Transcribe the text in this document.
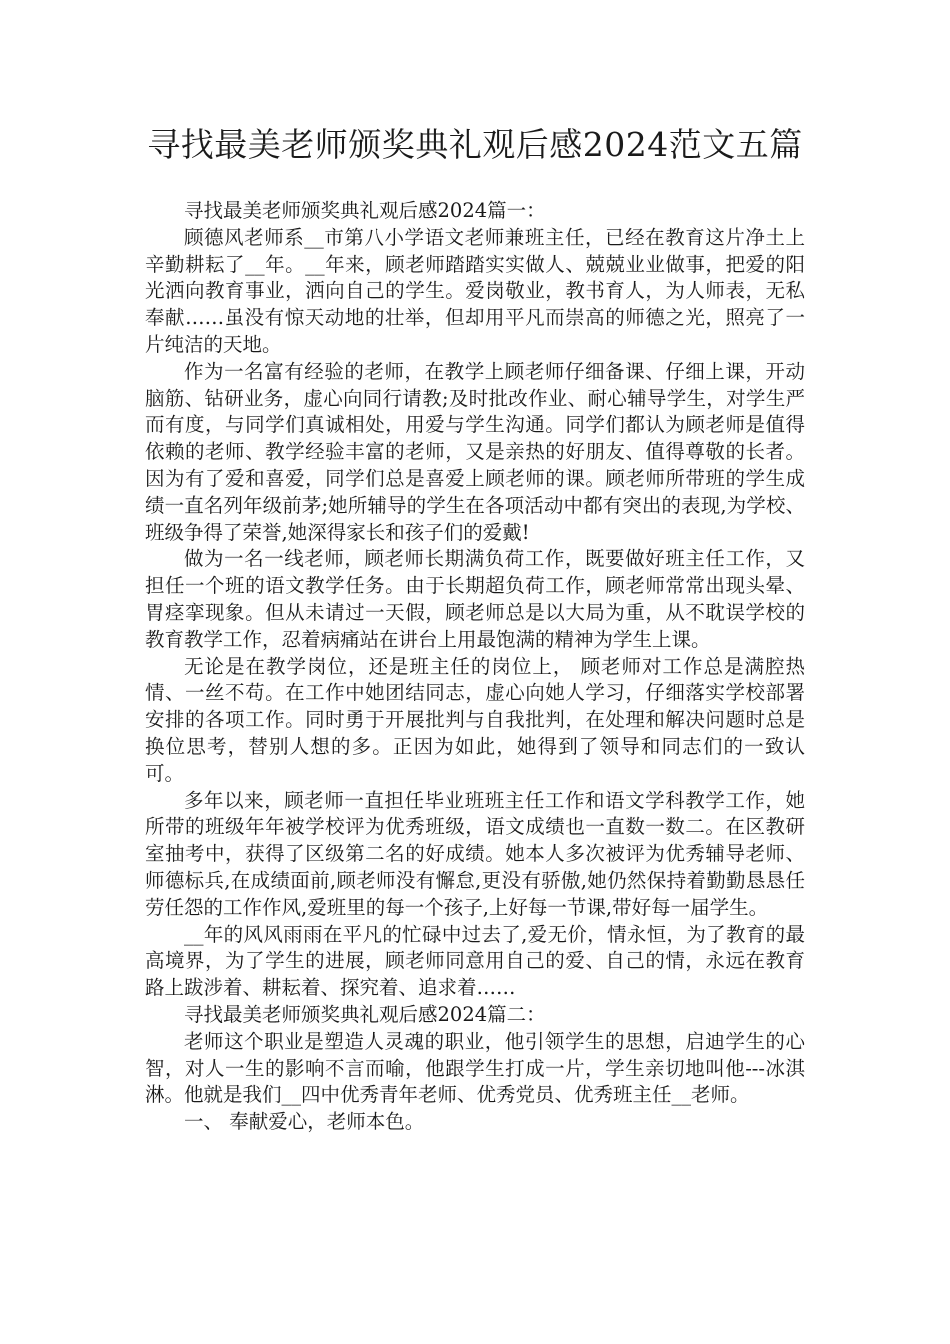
寻找最美老师颁奖典礼观后感2024范文五篇

寻找最美老师颁奖典礼观后感2024篇一：

顾德风老师系__市第八小学语文老师兼班主任，已经在教育这片净土上辛勤耕耘了__年。__年来，顾老师踏踏实实做人、兢兢业业做事，把爱的阳光洒向教育事业，洒向自己的学生。爱岗敬业，教书育人，为人师表，无私奉献……虽没有惊天动地的壮举，但却用平凡而崇高的师德之光，照亮了一片纯洁的天地。

作为一名富有经验的老师，在教学上顾老师仔细备课、仔细上课，开动脑筋、钻研业务，虚心向同行请教;及时批改作业、耐心辅导学生，对学生严而有度，与同学们真诚相处，用爱与学生沟通。同学们都认为顾老师是值得依赖的老师、教学经验丰富的老师，又是亲热的好朋友、值得尊敬的长者。因为有了爱和喜爱，同学们总是喜爱上顾老师的课。顾老师所带班的学生成绩一直名列年级前茅;她所辅导的学生在各项活动中都有突出的表现,为学校、班级争得了荣誉,她深得家长和孩子们的爱戴!

做为一名一线老师，顾老师长期满负荷工作，既要做好班主任工作，又担任一个班的语文教学任务。由于长期超负荷工作，顾老师常常出现头晕、胃痉挛现象。但从未请过一天假，顾老师总是以大局为重，从不耽误学校的教育教学工作，忍着病痛站在讲台上用最饱满的精神为学生上课。

无论是在教学岗位，还是班主任的岗位上， 顾老师对工作总是满腔热情、一丝不苟。在工作中她团结同志，虚心向她人学习，仔细落实学校部署安排的各项工作。同时勇于开展批判与自我批判，在处理和解决问题时总是换位思考，替别人想的多。正因为如此，她得到了领导和同志们的一致认可。

多年以来，顾老师一直担任毕业班班主任工作和语文学科教学工作，她所带的班级年年被学校评为优秀班级，语文成绩也一直数一数二。在区教研室抽考中，获得了区级第二名的好成绩。她本人多次被评为优秀辅导老师、师德标兵,在成绩面前,顾老师没有懈怠,更没有骄傲,她仍然保持着勤勤恳恳任劳任怨的工作作风,爱班里的每一个孩子,上好每一节课,带好每一届学生。

__年的风风雨雨在平凡的忙碌中过去了,爱无价，情永恒，为了教育的最高境界，为了学生的进展，顾老师同意用自己的爱、自己的情，永远在教育路上跋涉着、耕耘着、探究着、追求着……

寻找最美老师颁奖典礼观后感2024篇二：

老师这个职业是塑造人灵魂的职业，他引领学生的思想，启迪学生的心智，对人一生的影响不言而喻，他跟学生打成一片，学生亲切地叫他---冰淇淋。他就是我们__四中优秀青年老师、优秀党员、优秀班主任__老师。

一、 奉献爱心，老师本色。
